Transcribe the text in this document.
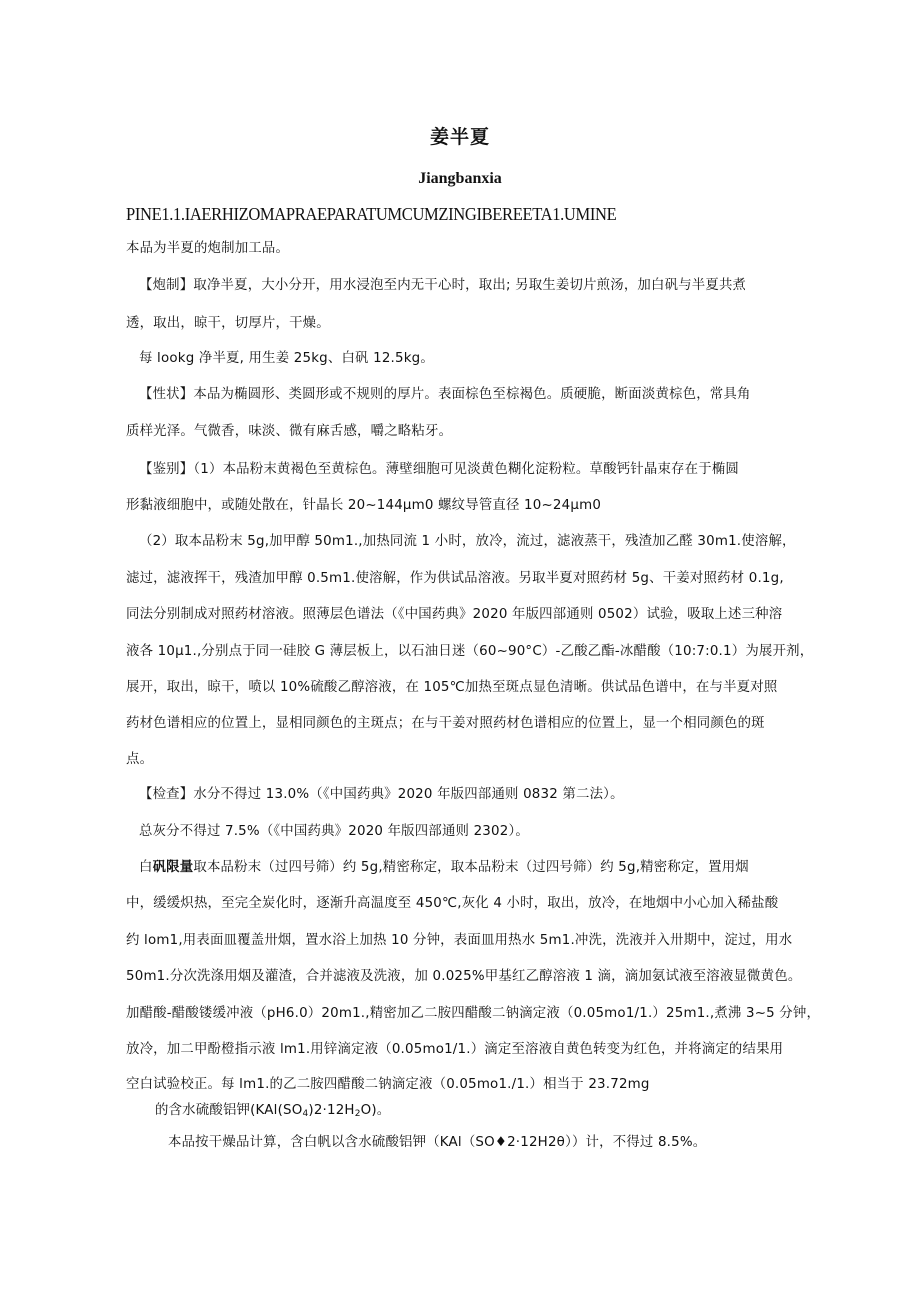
姜半夏
Jiangbanxia
PINE1.1.IAERHIZOMAPRAEPARATUMCUMZINGIBEREETA1.UMINE
本品为半夏的炮制加工品。
【炮制】取净半夏，大小分开，用水浸泡至内无干心时，取出; 另取生姜切片煎汤，加白矾与半夏共煮
透，取出，晾干，切厚片，干燥。
每 lookg 净半夏, 用生姜 25kg、白矾 12.5kg。
【性状】本品为椭圆形、类圆形或不规则的厚片。表面棕色至棕褐色。质硬脆，断面淡黄棕色，常具角
质样光泽。气微香，味淡、微有麻舌感，嚼之略粘牙。
【鉴别】（1）本品粉末黄褐色至黄棕色。薄壁细胞可见淡黄色糊化淀粉粒。草酸钙针晶束存在于椭圆
形黏液细胞中，或随处散在，针晶长 20~144μm0 螺纹导管直径 10~24μm0
（2）取本品粉末 5g,加甲醇 50m1.,加热同流 1 小时，放冷，流过，滤液蒸干，残渣加乙醛 30m1.使溶解，
滤过，滤液挥干，残渣加甲醇 0.5m1.使溶解，作为供试品溶液。另取半夏对照药材 5g、干姜对照药材 0.1g,
同法分别制成对照药材溶液。照薄层色谱法（《中国药典》2020 年版四部通则 0502）试验，吸取上述三种溶
液各 10μ1.,分别点于同一硅胶 G 薄层板上，以石油日迷（60~90°C）-乙酸乙酯-冰醋酸（10:7:0.1）为展开剂，
展开，取出，晾干，喷以 10%硫酸乙醇溶液，在 105℃加热至斑点显色清晰。供试品色谱中，在与半夏对照
药材色谱相应的位置上，显相同颜色的主斑点；在与干姜对照药材色谱相应的位置上，显一个相同颜色的斑
点。
【检查】水分不得过 13.0%（《中国药典》2020 年版四部通则 0832 第二法）。
总灰分不得过 7.5%（《中国药典》2020 年版四部通则 2302）。
白矾限量取本品粉末（过四号筛）约 5g,精密称定，取本品粉末（过四号筛）约 5g,精密称定，置用烟
中，缓缓炽热，至完全炭化时，逐渐升高温度至 450℃,灰化 4 小时，取出，放冷，在地烟中小心加入稀盐酸
约 lom1,用表面皿覆盖卅烟，置水浴上加热 10 分钟，表面皿用热水 5m1.冲洗，洗液并入卅期中，淀过，用水
50m1.分次洗涤用烟及灌渣，合并滤液及洗液，加 0.025%甲基红乙醇溶液 1 滴，滴加氨试液至溶液显微黄色。
加醋酸-醋酸镂缓冲液（pH6.0）20m1.,精密加乙二胺四醋酸二钠滴定液（0.05mo1/1.）25m1.,煮沸 3~5 分钟，
放冷，加二甲酚橙指示液 lm1.用锌滴定液（0.05mo1/1.）滴定至溶液自黄色转变为红色，并将滴定的结果用
空白试验校正。每 lm1.的乙二胺四醋酸二钠滴定液（0.05mo1./1.）相当于 23.72mg
的含水硫酸铝钾$(KAl(SO_4)2\cdot 12H_2O)$。
本品按干燥品计算，含白帆以含水硫酸铝钾（KAl（SO♦2·12H2θ））计，不得过 8.5%。
